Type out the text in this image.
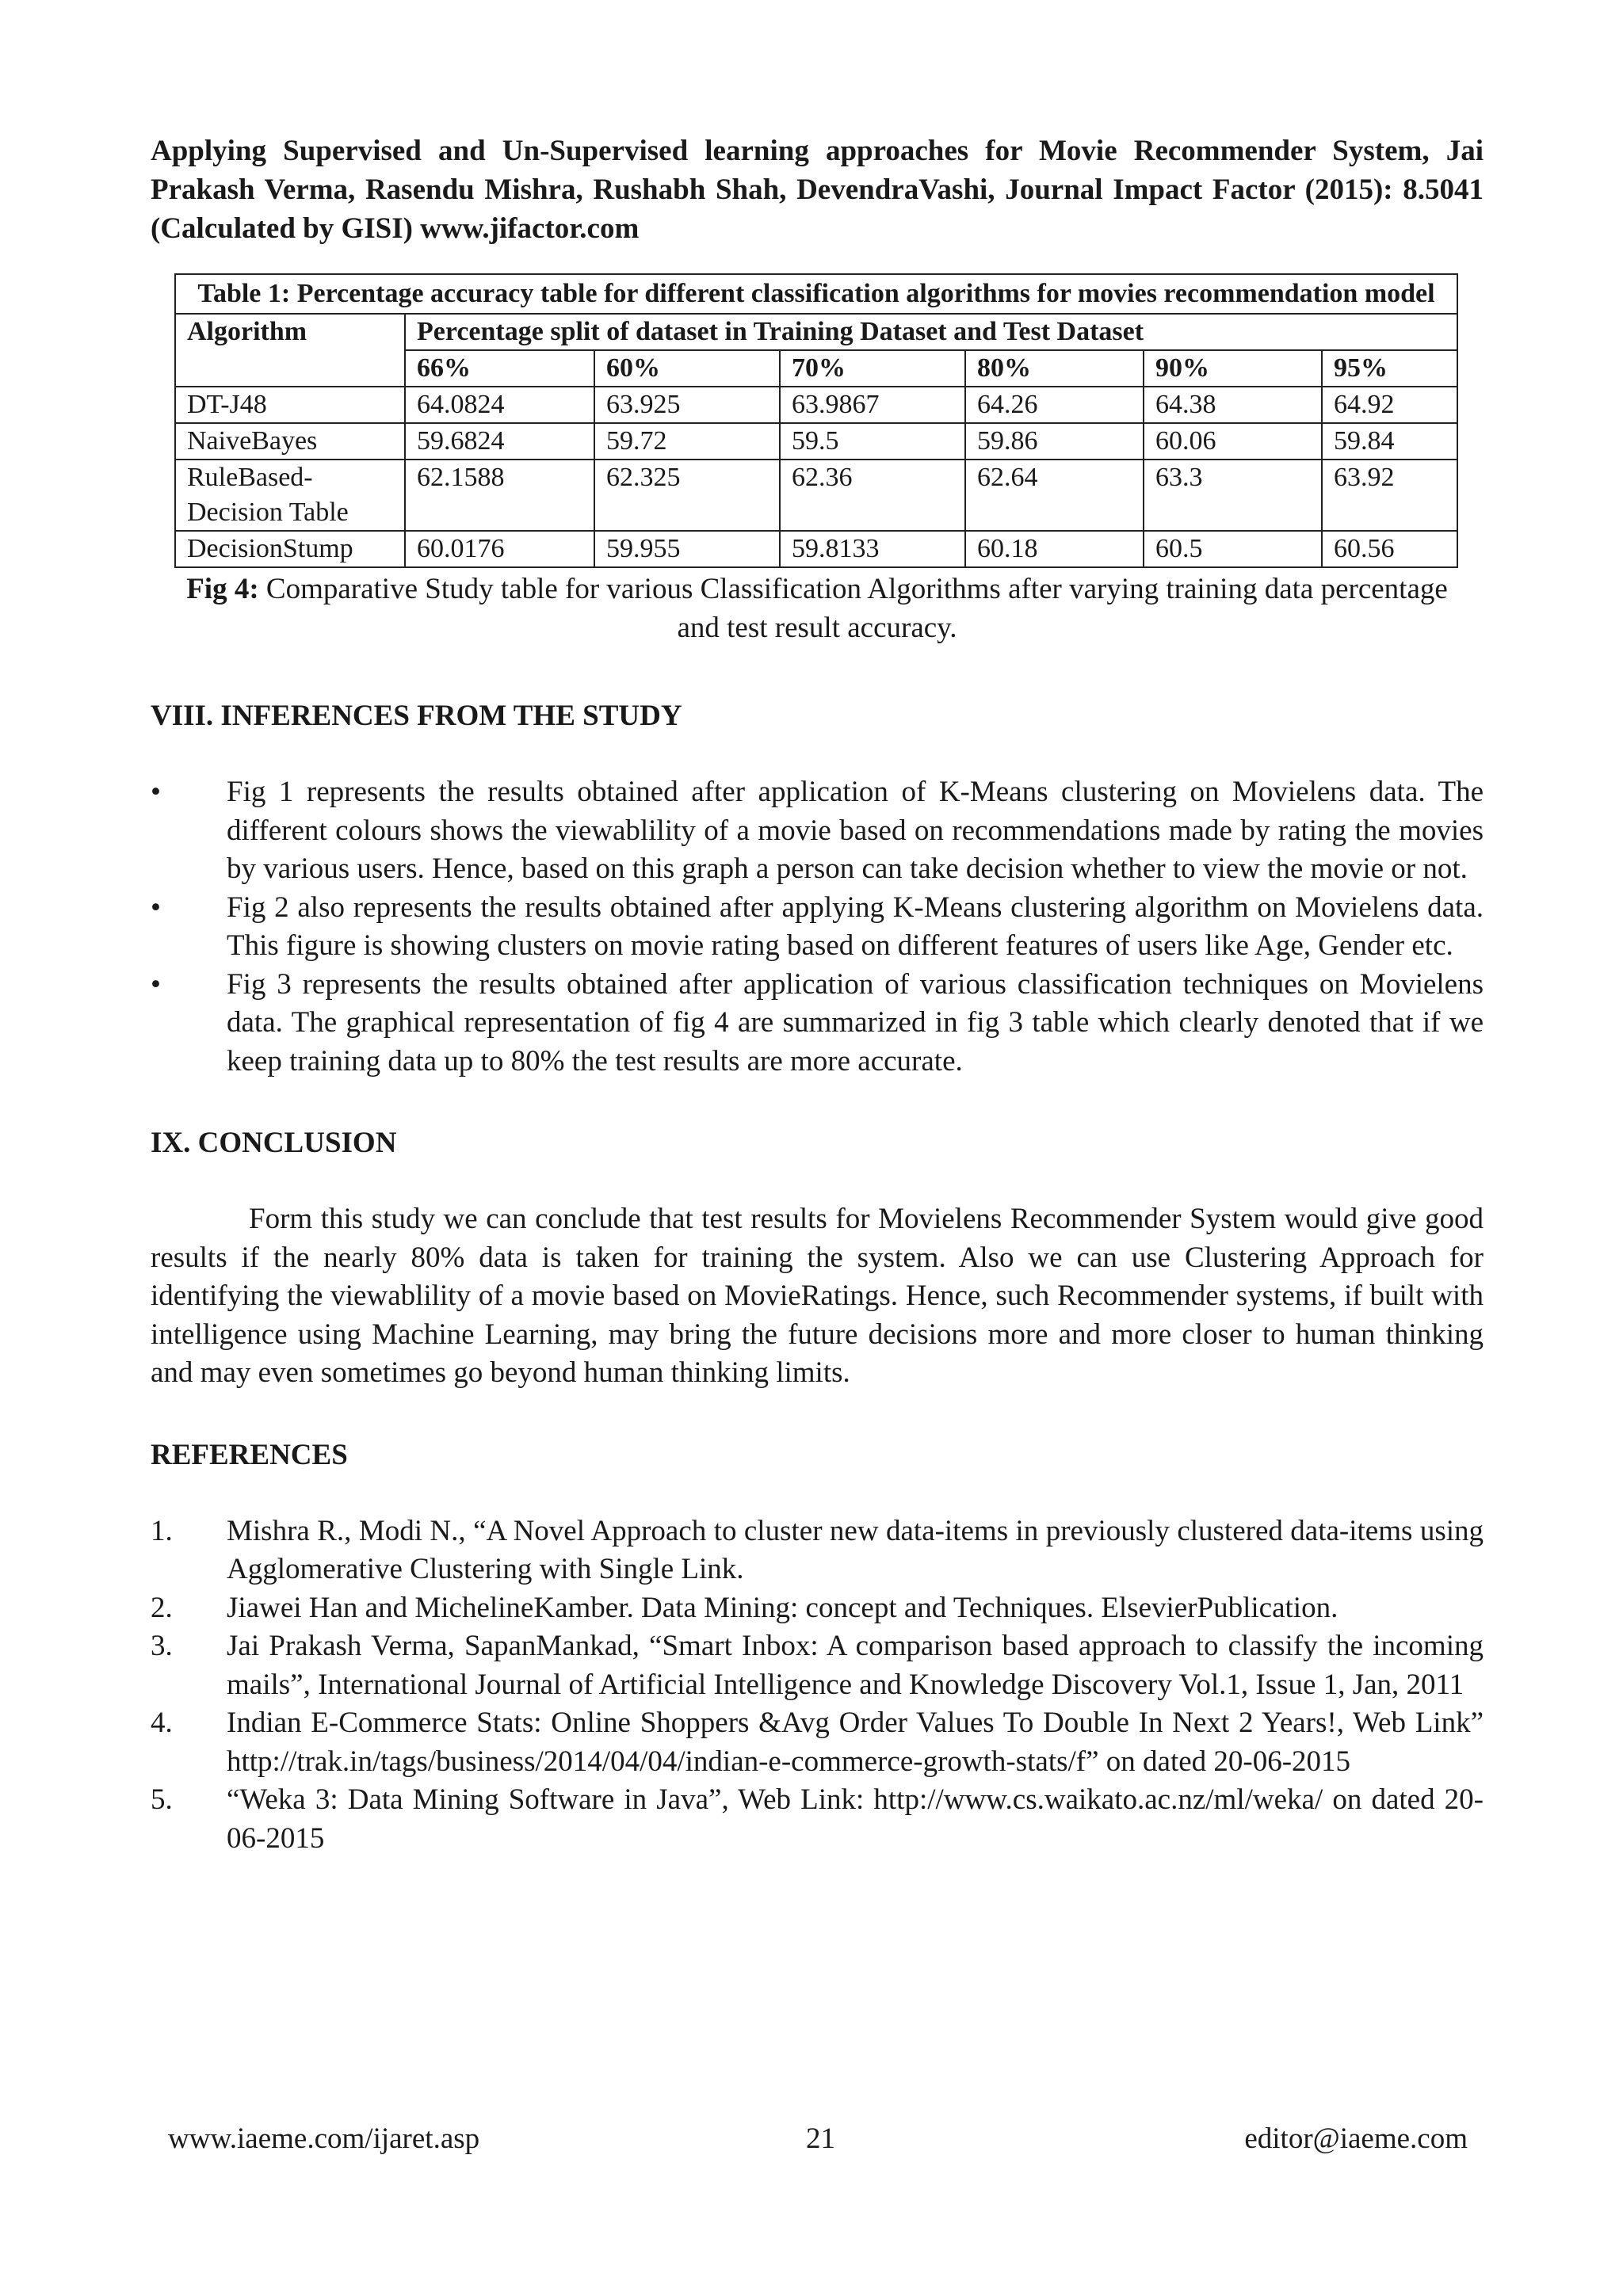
Applying Supervised and Un-Supervised learning approaches for Movie Recommender System, Jai Prakash Verma, Rasendu Mishra, Rushabh Shah, DevendraVashi, Journal Impact Factor (2015): 8.5041 (Calculated by GISI) www.jifactor.com
Table 1: Percentage accuracy table for different classification algorithms for movies recommendation model						
Algorithm	Percentage split of dataset in Training Dataset and Test Dataset					
	66%	60%	70%	80%	90%	95%
DT-J48	64.0824	63.925	63.9867	64.26	64.38	64.92
NaiveBayes	59.6824	59.72	59.5	59.86	60.06	59.84
RuleBased-Decision Table	62.1588	62.325	62.36	62.64	63.3	63.92
DecisionStump	60.0176	59.955	59.8133	60.18	60.5	60.56
Fig 4: Comparative Study table for various Classification Algorithms after varying training data percentage and test result accuracy.
VIII. INFERENCES FROM THE STUDY
• Fig 1 represents the results obtained after application of K-Means clustering on Movielens data. The different colours shows the viewablility of a movie based on recommendations made by rating the movies by various users. Hence, based on this graph a person can take decision whether to view the movie or not.
• Fig 2 also represents the results obtained after applying K-Means clustering algorithm on Movielens data. This figure is showing clusters on movie rating based on different features of users like Age, Gender etc.
• Fig 3 represents the results obtained after application of various classification techniques on Movielens data. The graphical representation of fig 4 are summarized in fig 3 table which clearly denoted that if we keep training data up to 80% the test results are more accurate.
IX. CONCLUSION

Form this study we can conclude that test results for Movielens Recommender System would give good results if the nearly 80% data is taken for training the system. Also we can use Clustering Approach for identifying the viewablility of a movie based on MovieRatings. Hence, such Recommender systems, if built with intelligence using Machine Learning, may bring the future decisions more and more closer to human thinking and may even sometimes go beyond human thinking limits.

REFERENCES
1. Mishra R., Modi N., “A Novel Approach to cluster new data-items in previously clustered data-items using Agglomerative Clustering with Single Link.
2. Jiawei Han and MichelineKamber. Data Mining: concept and Techniques. ElsevierPublication.
3. Jai Prakash Verma, SapanMankad, “Smart Inbox: A comparison based approach to classify the incoming mails”, International Journal of Artificial Intelligence and Knowledge Discovery Vol.1, Issue 1, Jan, 2011
4. Indian E-Commerce Stats: Online Shoppers &Avg Order Values To Double In Next 2 Years!, Web Link” http://trak.in/tags/business/2014/04/04/indian-e-commerce-growth-stats/f” on dated 20-06-2015
5. “Weka 3: Data Mining Software in Java”, Web Link: http://www.cs.waikato.ac.nz/ml/weka/ on dated 20-06-2015
www.iaeme.com/ijaret.asp	21	editor@iaeme.com
